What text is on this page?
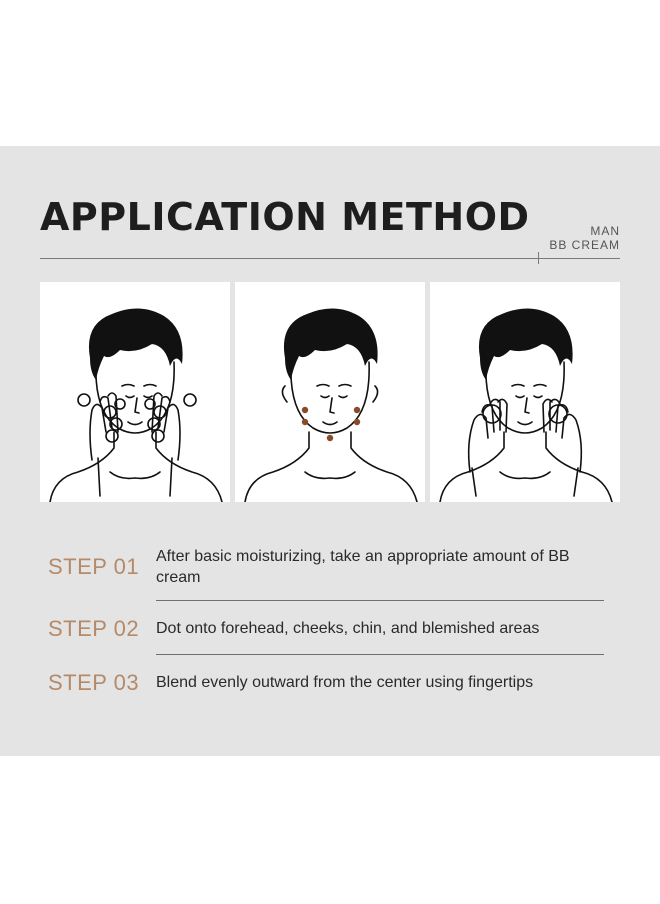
APPLICATION METHOD	MAN
BB CREAM
STEP 01 After basic moisturizing, take an appropriate amount of BB cream
STEP 02 Dot onto forehead, cheeks, chin, and blemished areas
STEP 03 Blend evenly outward from the center using fingertips
